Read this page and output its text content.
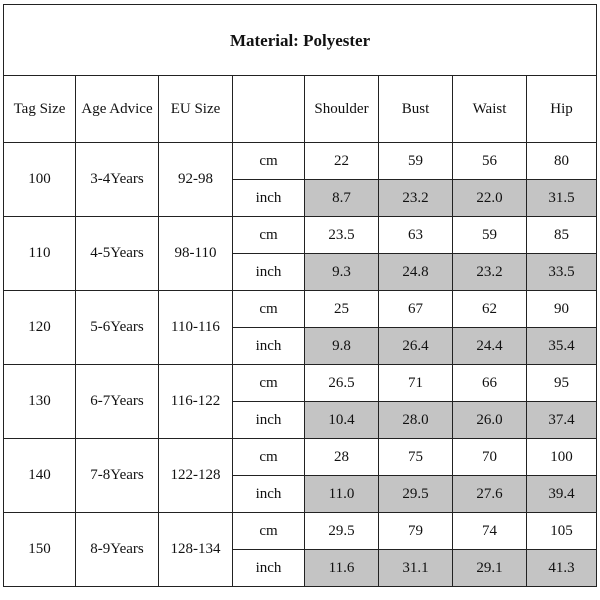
Material: Polyester							
Tag Size	Age Advice	EU Size		Shoulder	Bust	Waist	Hip
100	3-4Years	92-98	cm	22	59	56	80
			inch	8.7	23.2	22.0	31.5
110	4-5Years	98-110	cm	23.5	63	59	85
			inch	9.3	24.8	23.2	33.5
120	5-6Years	110-116	cm	25	67	62	90
			inch	9.8	26.4	24.4	35.4
130	6-7Years	116-122	cm	26.5	71	66	95
			inch	10.4	28.0	26.0	37.4
140	7-8Years	122-128	cm	28	75	70	100
			inch	11.0	29.5	27.6	39.4
150	8-9Years	128-134	cm	29.5	79	74	105
			inch	11.6	31.1	29.1	41.3
